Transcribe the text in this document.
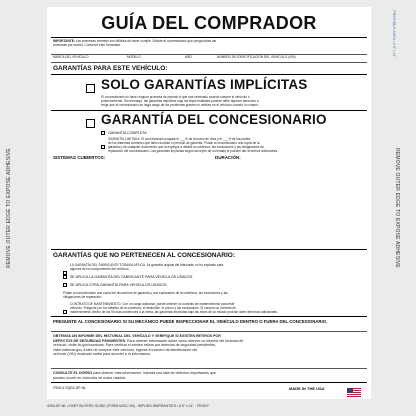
REMOVE OUTER EDGE TO EXPOSE ADHESIVE	REMOVE OUTER EDGE TO EXPOSE ADHESIVE
PRINTABLE AREA • 8.5" x 11"
GUÍA DEL COMPRADOR
IMPORTANTE: Las promesas verbales son difíciles de hacer cumplir. Solicite al concesionario que ponga todas las
promesas por escrito. Conserve este formulario.
MARCA DEL VEHÍCULO	MODELO	AÑO	NÚMERO DE IDENTIFICACIÓN DEL VEHÍCULO (VIN)
GARANTÍAS PARA ESTE VEHÍCULO:
SOLO GARANTÍAS IMPLÍCITAS
El concesionario no hace ninguna promesa de reparar lo que sea necesario cuando compre el vehículo o
posteriormente. Sin embargo, las garantías implícitas bajo las leyes estatales podrían darle algunos derechos a
exigir que el concesionario se haga cargo de los problemas graves no visibles en el vehículo cuando lo compró.
GARANTÍA DEL CONCESIONARIO
GARANTÍA COMPLETA.
GARANTÍA LIMITADA. El concesionario pagará el ___% de la mano de obra y el ___% de las partes
de los sistemas cubiertos que fallen durante el período de garantía. Pídale al concesionario una copia de la
garantía y de cualquier documento que la explique a detalle la cobertura, las exclusiones y las obligaciones de
reparación del concesionario. Las garantías implícitas según las leyes de su estado le pueden dar derechos adicionales.
SISTEMAS CUBIERTOS:	DURACIÓN:
GARANTÍAS QUE NO PERTENECEN AL CONCESIONARIO:
LA GARANTÍA DEL FABRICANTE TODAVÍA APLICA. La garantía original del fabricante no ha expirado para
algunos de los componentes del vehículo.
SE APLICA LA GARANTÍA DEL FABRICANTE PARA VEHÍCULOS USADOS.
SE APLICA OTRA GARANTÍA PARA VEHÍCULOS USADOS.
Pídale al concesionario una copia del documento de garantía y una explicación de la cobertura, las exclusiones y las
obligaciones de reparación.
CONTRATO DE MANTENIMIENTO. Con un cargo adicional, puede obtener un contrato de mantenimiento para este
vehículo. Pregunte por los detalles de la cobertura, el deducible, el precio y las exclusiones. Si compra un contrato de
mantenimiento dentro de los 90 días posteriores a la venta, las garantías implícitas bajo las leyes de su estado podrían darle derechos adicionales.
PREGUNTE AL CONCESIONARIO SI SU MECÁNICO PUEDE INSPECCIONAR EL VEHÍCULO DENTRO O FUERA DEL CONCESIONARIO.
OBTENGA UN INFORME DEL HISTORIAL DEL VEHÍCULO Y VERIFIQUE SI EXISTEN RETIROS POR
DEFECTOS DE SEGURIDAD PENDIENTES. Para obtener información sobre cómo obtener un informe del historial del
vehículo, visite ftc.gov/usedcars. Para verificar si existen retiros por defectos de seguridad pendientes,
visite safercar.gov. Antes de comprar este vehículo, ingrese el número de identificación del
vehículo (VIN) mostrado arriba para acceder a la información.
CONSULTE EL DORSO para obtener más información, incluida una lista de defectos importantes que
pueden ocurrir en vehículos de motor usados.
ITEM # SQS4-SP-NL	MADE IN THE USA
4054-SP-NL • PART BUYERS GUIDE (FORM #2017-IN) - IMPLIED WARRANTIES • 8.5" x 11" - FRONT
